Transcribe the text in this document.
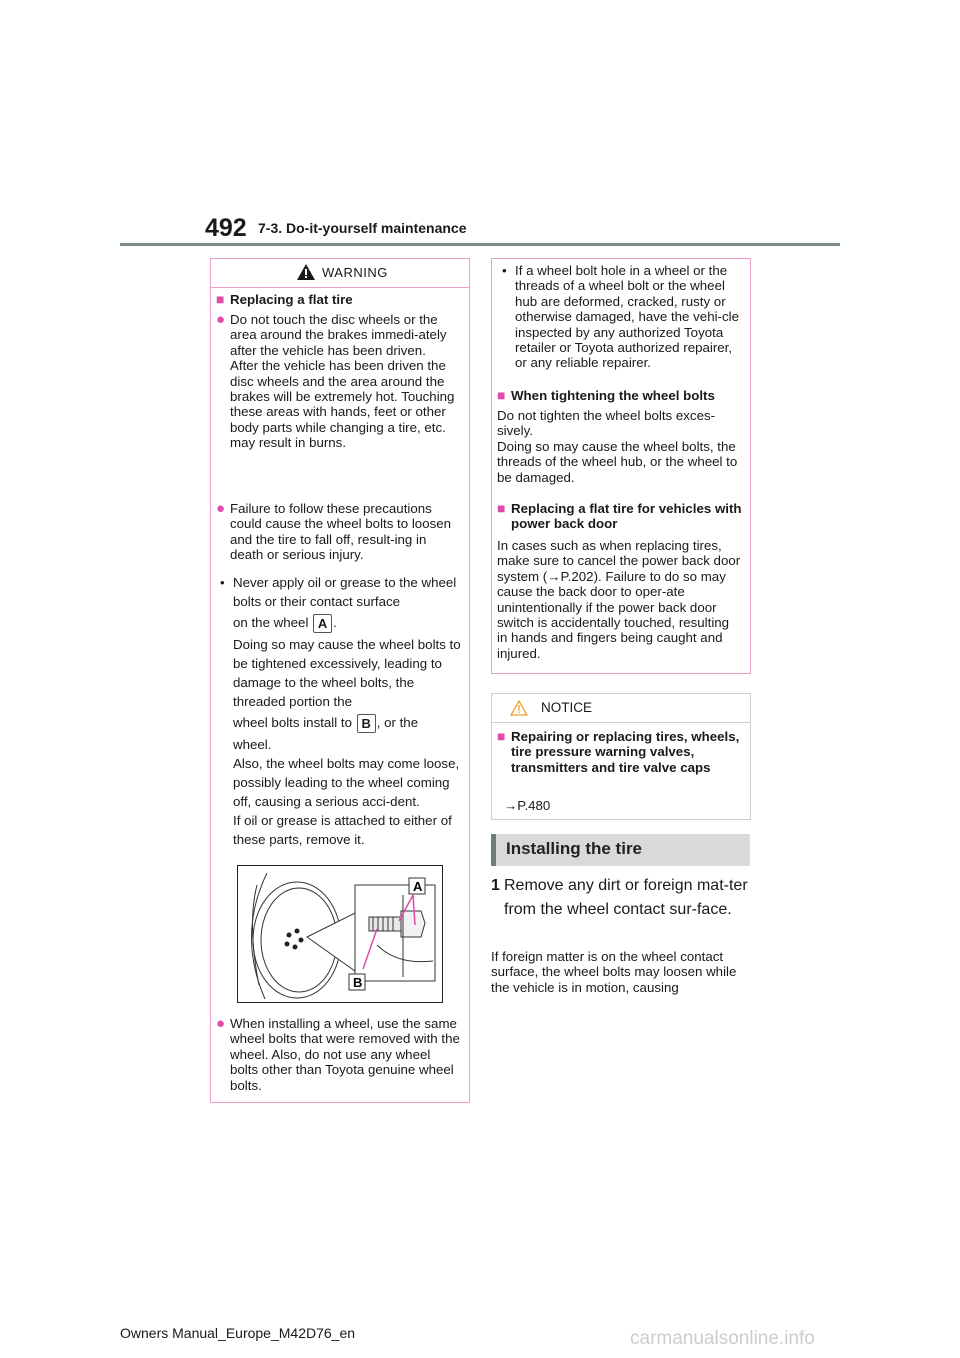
492 7-3. Do-it-yourself maintenance
WARNING
■ Replacing a flat tire
● Do not touch the disc wheels or the area around the brakes immedi-ately after the vehicle has been driven.
After the vehicle has been driven the disc wheels and the area around the brakes will be extremely hot. Touching these areas with hands, feet or other body parts while changing a tire, etc. may result in burns.
● Failure to follow these precautions could cause the wheel bolts to loosen and the tire to fall off, result-ing in death or serious injury.
• Never apply oil or grease to the wheel bolts or their contact surface
on the wheel A .
Doing so may cause the wheel bolts to be tightened excessively, leading to damage to the wheel bolts, the threaded portion the
wheel bolts install to B , or the
wheel.
Also, the wheel bolts may come loose, possibly leading to the wheel coming off, causing a serious acci-dent.
If oil or grease is attached to either of these parts, remove it.
A
B
● When installing a wheel, use the same wheel bolts that were removed with the wheel. Also, do not use any wheel bolts other than Toyota genuine wheel bolts.
• If a wheel bolt hole in a wheel or the threads of a wheel bolt or the wheel hub are deformed, cracked, rusty or otherwise damaged, have the vehi-cle inspected by any authorized Toyota retailer or Toyota authorized repairer, or any reliable repairer.
■ When tightening the wheel bolts
Do not tighten the wheel bolts exces-sively.
Doing so may cause the wheel bolts, the threads of the wheel hub, or the wheel to be damaged.
■ Replacing a flat tire for vehicles with power back door
In cases such as when replacing tires, make sure to cancel the power back door system (→P.202). Failure to do so may cause the back door to oper-ate unintentionally if the power back door switch is accidentally touched, resulting in hands and fingers being caught and injured.
NOTICE
■ Repairing or replacing tires, wheels, tire pressure warning valves, transmitters and tire valve caps
→P.480
Installing the tire
1 Remove any dirt or foreign mat-ter from the wheel contact sur-face.
If foreign matter is on the wheel contact surface, the wheel bolts may loosen while the vehicle is in motion, causing
Owners Manual_Europe_M42D76_en	carmanualsonline.info
